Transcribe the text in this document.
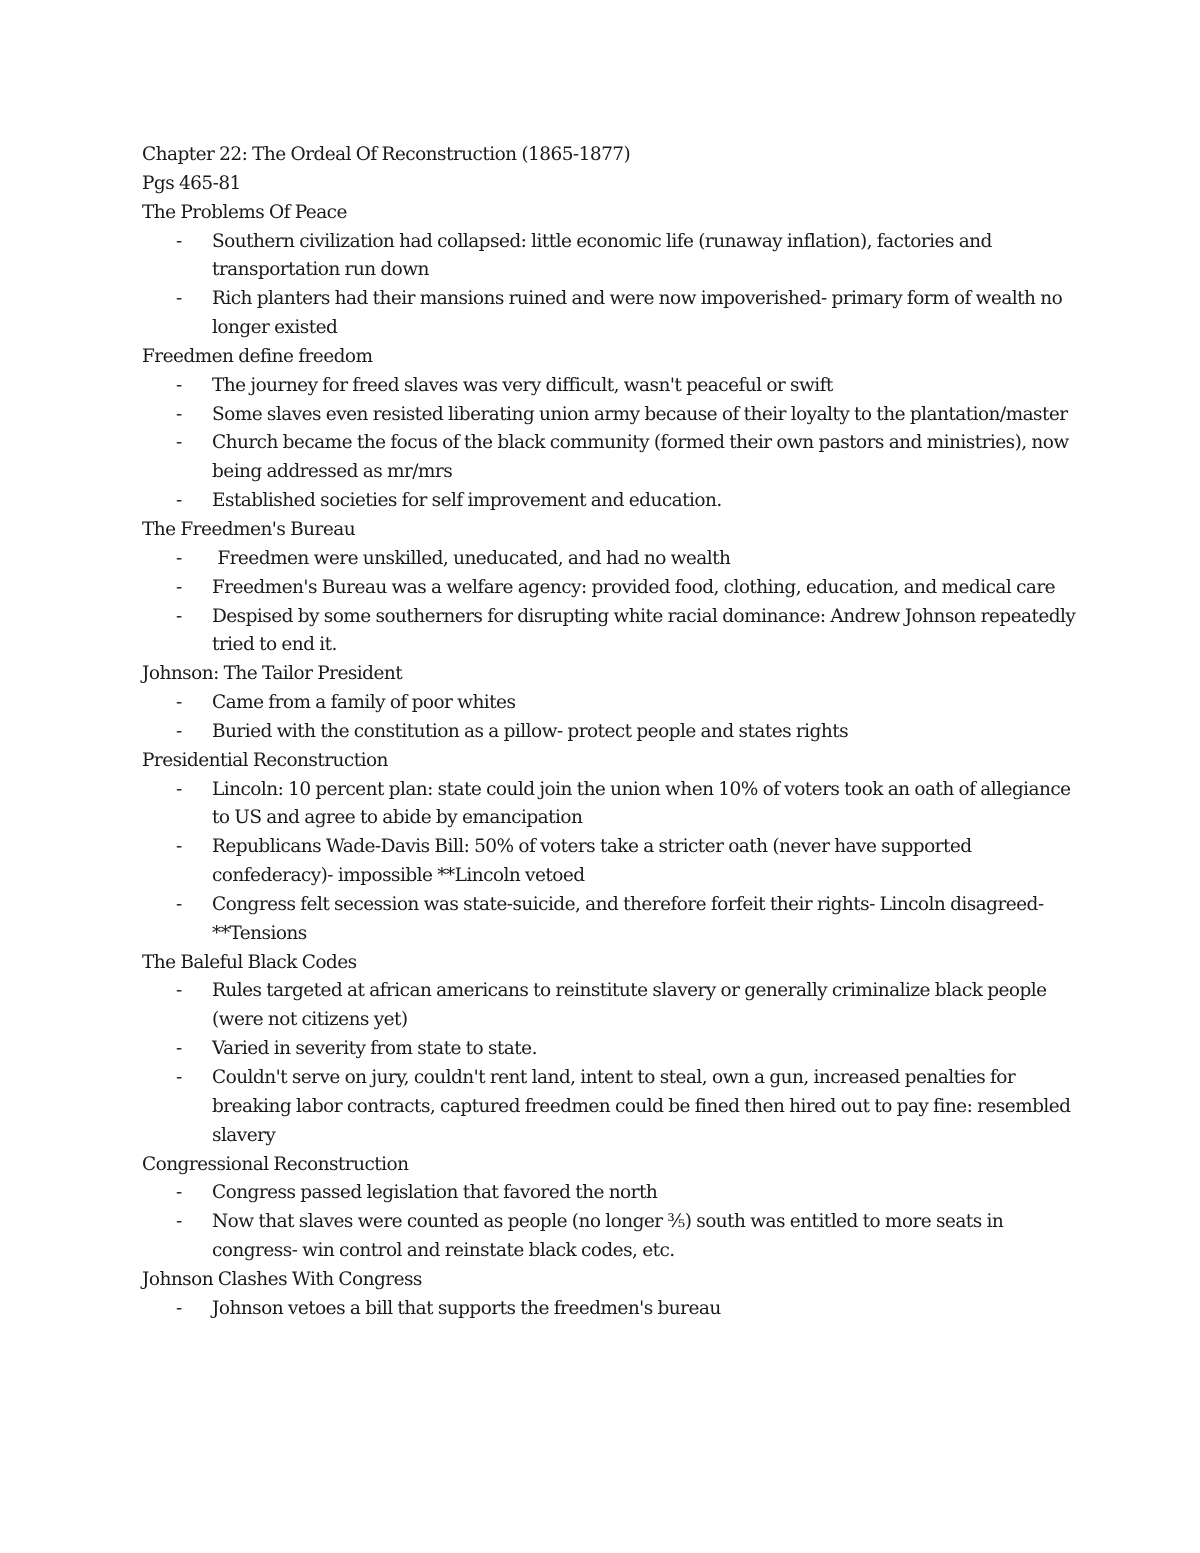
Chapter 22: The Ordeal Of Reconstruction (1865-1877)
Pgs 465-81
The Problems Of Peace
- Southern civilization had collapsed: little economic life (runaway inflation), factories and transportation run down
- Rich planters had their mansions ruined and were now impoverished- primary form of wealth no longer existed
Freedmen define freedom
- The journey for freed slaves was very difficult, wasn't peaceful or swift
- Some slaves even resisted liberating union army because of their loyalty to the plantation/master
- Church became the focus of the black community (formed their own pastors and ministries), now being addressed as mr/mrs
- Established societies for self improvement and education.
The Freedmen's Bureau
- Freedmen were unskilled, uneducated, and had no wealth
- Freedmen's Bureau was a welfare agency: provided food, clothing, education, and medical care
- Despised by some southerners for disrupting white racial dominance: Andrew Johnson repeatedly tried to end it.
Johnson: The Tailor President
- Came from a family of poor whites
- Buried with the constitution as a pillow- protect people and states rights
Presidential Reconstruction
- Lincoln: 10 percent plan: state could join the union when 10% of voters took an oath of allegiance to US and agree to abide by emancipation
- Republicans Wade-Davis Bill: 50% of voters take a stricter oath (never have supported confederacy)- impossible **Lincoln vetoed
- Congress felt secession was state-suicide, and therefore forfeit their rights- Lincoln disagreed- **Tensions
The Baleful Black Codes
- Rules targeted at african americans to reinstitute slavery or generally criminalize black people (were not citizens yet)
- Varied in severity from state to state.
- Couldn't serve on jury, couldn't rent land, intent to steal, own a gun, increased penalties for breaking labor contracts, captured freedmen could be fined then hired out to pay fine: resembled slavery
Congressional Reconstruction
- Congress passed legislation that favored the north
- Now that slaves were counted as people (no longer ⅗) south was entitled to more seats in congress- win control and reinstate black codes, etc.
Johnson Clashes With Congress
- Johnson vetoes a bill that supports the freedmen's bureau
